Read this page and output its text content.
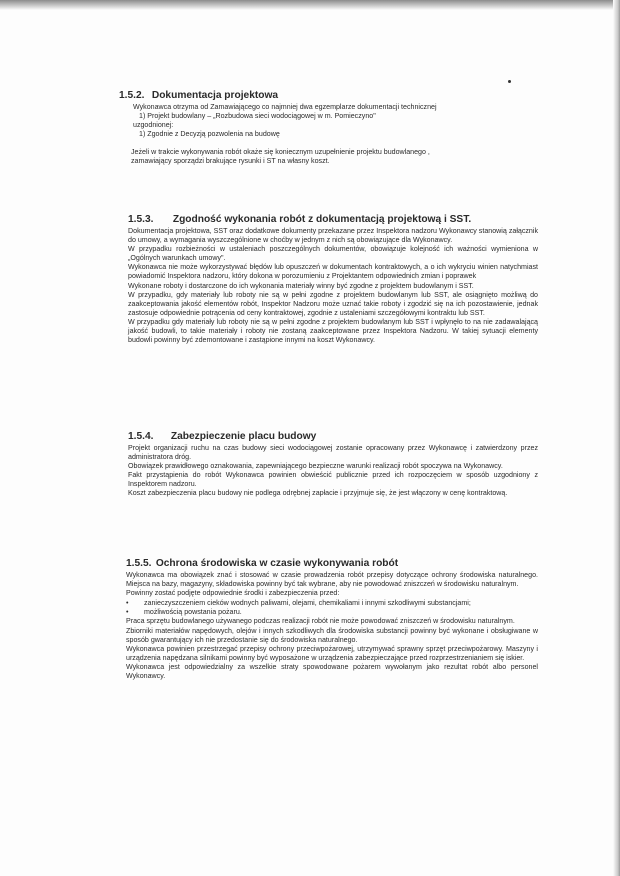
1.5.2. Dokumentacja projektowa

Wykonawca otrzyma od Zamawiającego co najmniej dwa egzemplarze dokumentacji technicznej

1) Projekt budowlany – „Rozbudowa sieci wodociągowej w m. Pomieczyno"

uzgodnionej:

1) Zgodnie z Decyzją pozwolenia na budowę

Jeżeli w trakcie wykonywania robót okaże się koniecznym uzupełnienie projektu budowlanego ,

zamawiający sporządzi brakujące rysunki i ST na własny koszt.

1.5.3. Zgodność wykonania robót z dokumentacją projektową i SST.

Dokumentacja projektowa, SST oraz dodatkowe dokumenty przekazane przez Inspektora nadzoru Wykonawcy stanowią załącznik do umowy, a wymagania wyszczególnione w choćby w jednym z nich są obowiązujące dla Wykonawcy.

W przypadku rozbieżności w ustaleniach poszczególnych dokumentów, obowiązuje kolejność ich ważności wymieniona w „Ogólnych warunkach umowy".

Wykonawca nie może wykorzystywać błędów lub opuszczeń w dokumentach kontraktowych, a o ich wykryciu winien natychmiast powiadomić Inspektora nadzoru, który dokona w porozumieniu z Projektantem odpowiednich zmian i poprawek

Wykonane roboty i dostarczone do ich wykonania materiały winny być zgodne z projektem budowlanym i SST.

W przypadku, gdy materiały lub roboty nie są w pełni zgodne z projektem budowlanym lub SST, ale osiągnięto możliwą do zaakceptowania jakość elementów robót, Inspektor Nadzoru może uznać takie roboty i zgodzić się na ich pozostawienie, jednak zastosuje odpowiednie potrącenia od ceny kontraktowej, zgodnie z ustaleniami szczegółowymi kontraktu lub SST.

W przypadku gdy materiały lub roboty nie są w pełni zgodne z projektem budowlanym lub SST i wpłynęło to na nie zadawalającą jakość budowli, to takie materiały i roboty nie zostaną zaakceptowane przez Inspektora Nadzoru. W takiej sytuacji elementy budowli powinny być zdemontowane i zastąpione innymi na koszt Wykonawcy.

1.5.4. Zabezpieczenie placu budowy

Projekt organizacji ruchu na czas budowy sieci wodociągowej zostanie opracowany przez Wykonawcę i zatwierdzony przez administratora dróg.

Obowiązek prawidłowego oznakowania, zapewniającego bezpieczne warunki realizacji robót spoczywa na Wykonawcy.

Fakt przystąpienia do robót Wykonawca powinien obwieścić publicznie przed ich rozpoczęciem w sposób uzgodniony z Inspektorem nadzoru.

Koszt zabezpieczenia placu budowy nie podlega odrębnej zapłacie i przyjmuje się, że jest włączony w cenę kontraktową.

1.5.5. Ochrona środowiska w czasie wykonywania robót

Wykonawca ma obowiązek znać i stosować w czasie prowadzenia robót przepisy dotyczące ochrony środowiska naturalnego. Miejsca na bazy, magazyny, składowiska powinny być tak wybrane, aby nie powodować zniszczeń w środowisku naturalnym.

Powinny zostać podjęte odpowiednie środki i zabezpieczenia przed:

•	zanieczyszczeniem cieków wodnych paliwami, olejami, chemikaliami i innymi szkodliwymi substancjami;
•	możliwością powstania pożaru.

Praca sprzętu budowlanego używanego podczas realizacji robót nie może powodować zniszczeń w środowisku naturalnym.

Zbiorniki materiałów napędowych, olejów i innych szkodliwych dla środowiska substancji powinny być wykonane i obsługiwane w sposób gwarantujący ich nie przedostanie się do środowiska naturalnego.

Wykonawca powinien przestrzegać przepisy ochrony przeciwpożarowej, utrzymywać sprawny sprzęt przeciwpożarowy. Maszyny i urządzenia napędzana silnikami powinny być wyposażone w urządzenia zabezpieczające przed rozprzestrzenianiem się iskier.

Wykonawca jest odpowiedzialny za wszelkie straty spowodowane pożarem wywołanym jako rezultat robót albo personel Wykonawcy.
